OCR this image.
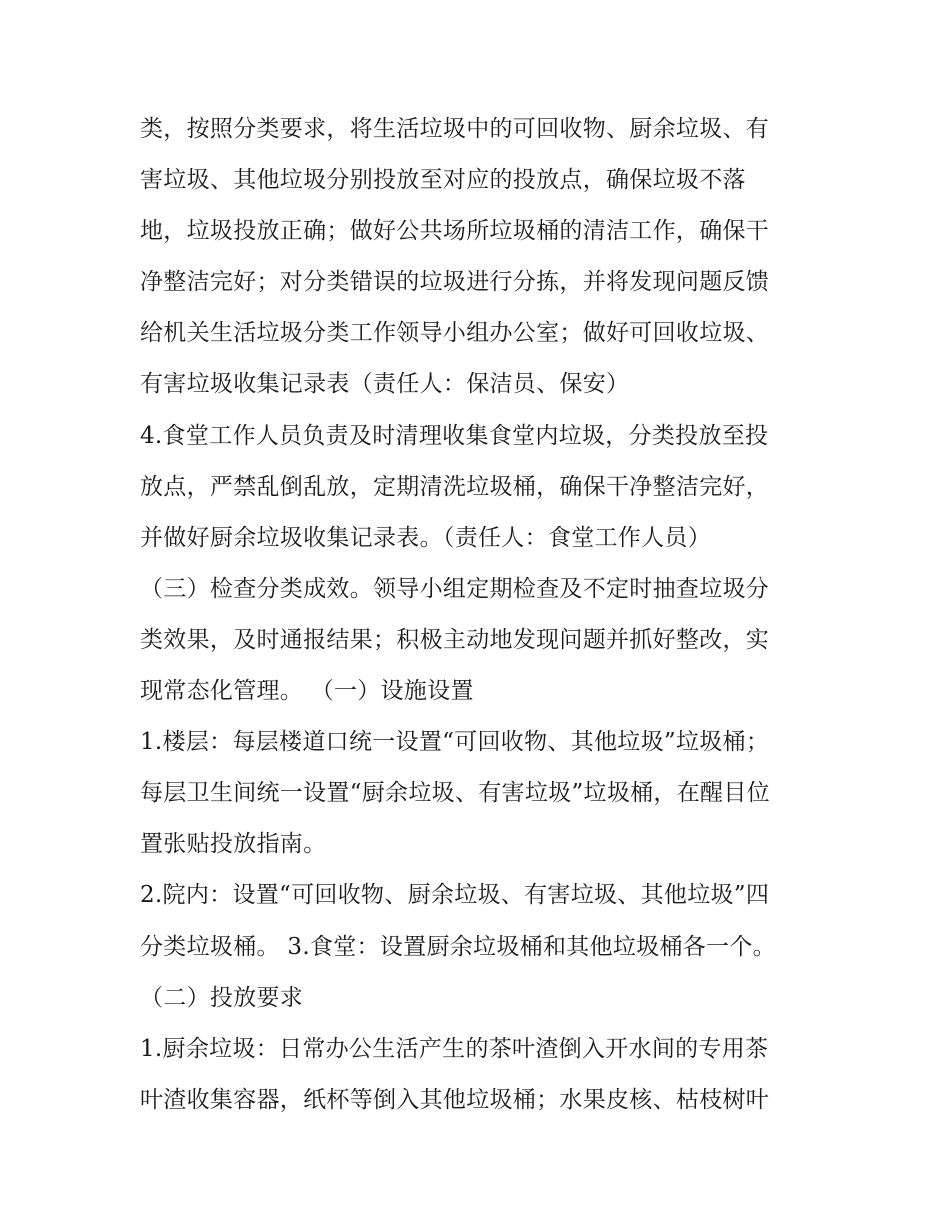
类，按照分类要求，将生活垃圾中的可回收物、厨余垃圾、有
害垃圾、其他垃圾分别投放至对应的投放点，确保垃圾不落
地，垃圾投放正确；做好公共场所垃圾桶的清洁工作，确保干
净整洁完好；对分类错误的垃圾进行分拣，并将发现问题反馈
给机关生活垃圾分类工作领导小组办公室；做好可回收垃圾、
有害垃圾收集记录表（责任人：保洁员、保安）
4.食堂工作人员负责及时清理收集食堂内垃圾，分类投放至投
放点，严禁乱倒乱放，定期清洗垃圾桶，确保干净整洁完好，
并做好厨余垃圾收集记录表。（责任人：食堂工作人员）
（三）检查分类成效。领导小组定期检查及不定时抽查垃圾分
类效果，及时通报结果；积极主动地发现问题并抓好整改，实
现常态化管理。 （一）设施设置
1.楼层：每层楼道口统一设置“可回收物、其他垃圾”垃圾桶；
每层卫生间统一设置“厨余垃圾、有害垃圾”垃圾桶，在醒目位
置张贴投放指南。
2.院内：设置“可回收物、厨余垃圾、有害垃圾、其他垃圾”四
分类垃圾桶。 3.食堂：设置厨余垃圾桶和其他垃圾桶各一个。
（二）投放要求
1.厨余垃圾：日常办公生活产生的茶叶渣倒入开水间的专用茶
叶渣收集容器，纸杯等倒入其他垃圾桶；水果皮核、枯枝树叶
